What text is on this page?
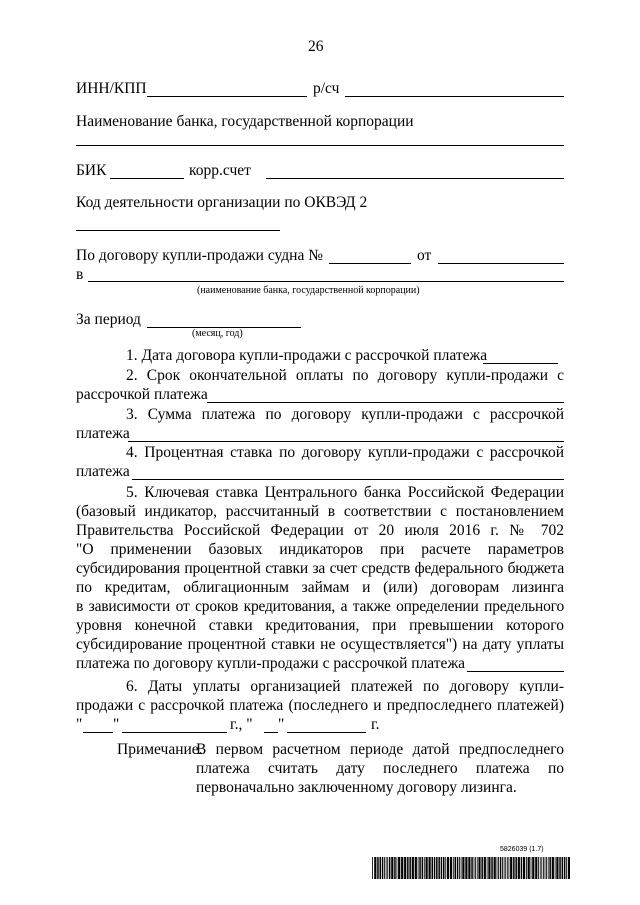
26
ИНН/КПП	р/сч
Наименование банка, государственной корпорации
БИК	корр.счет
Код деятельности организации по ОКВЭД 2
По договору купли-продажи судна №	от
в
(наименование банка, государственной корпорации)
За период
(месяц, год)
1. Дата договора купли-продажи с рассрочкой платежа
2. Срок окончательной оплаты по договору купли-продажи с
рассрочкой платежа
3. Сумма платежа по договору купли-продажи с рассрочкой
платежа
4. Процентная ставка по договору купли-продажи с рассрочкой
платежа
5. Ключевая ставка Центрального банка Российской Федерации
(базовый индикатор, рассчитанный в соответствии с постановлением
Правительства Российской Федерации от 20 июля 2016 г. № 702
"О применении базовых индикаторов при расчете параметров
субсидирования процентной ставки за счет средств федерального бюджета
по кредитам, облигационным займам и (или) договорам лизинга
в зависимости от сроков кредитования, а также определении предельного
уровня конечной ставки кредитования, при превышении которого
субсидирование процентной ставки не осуществляется") на дату уплаты
платежа по договору купли-продажи с рассрочкой платежа
6. Даты уплаты организацией платежей по договору купли-
продажи с рассрочкой платежа (последнего и предпоследнего платежей)
" "	г., " "	г.
Примечание.
В первом расчетном периоде датой предпоследнего
платежа считать дату последнего платежа по
первоначально заключенному договору лизинга.
5826039 (1.7)
